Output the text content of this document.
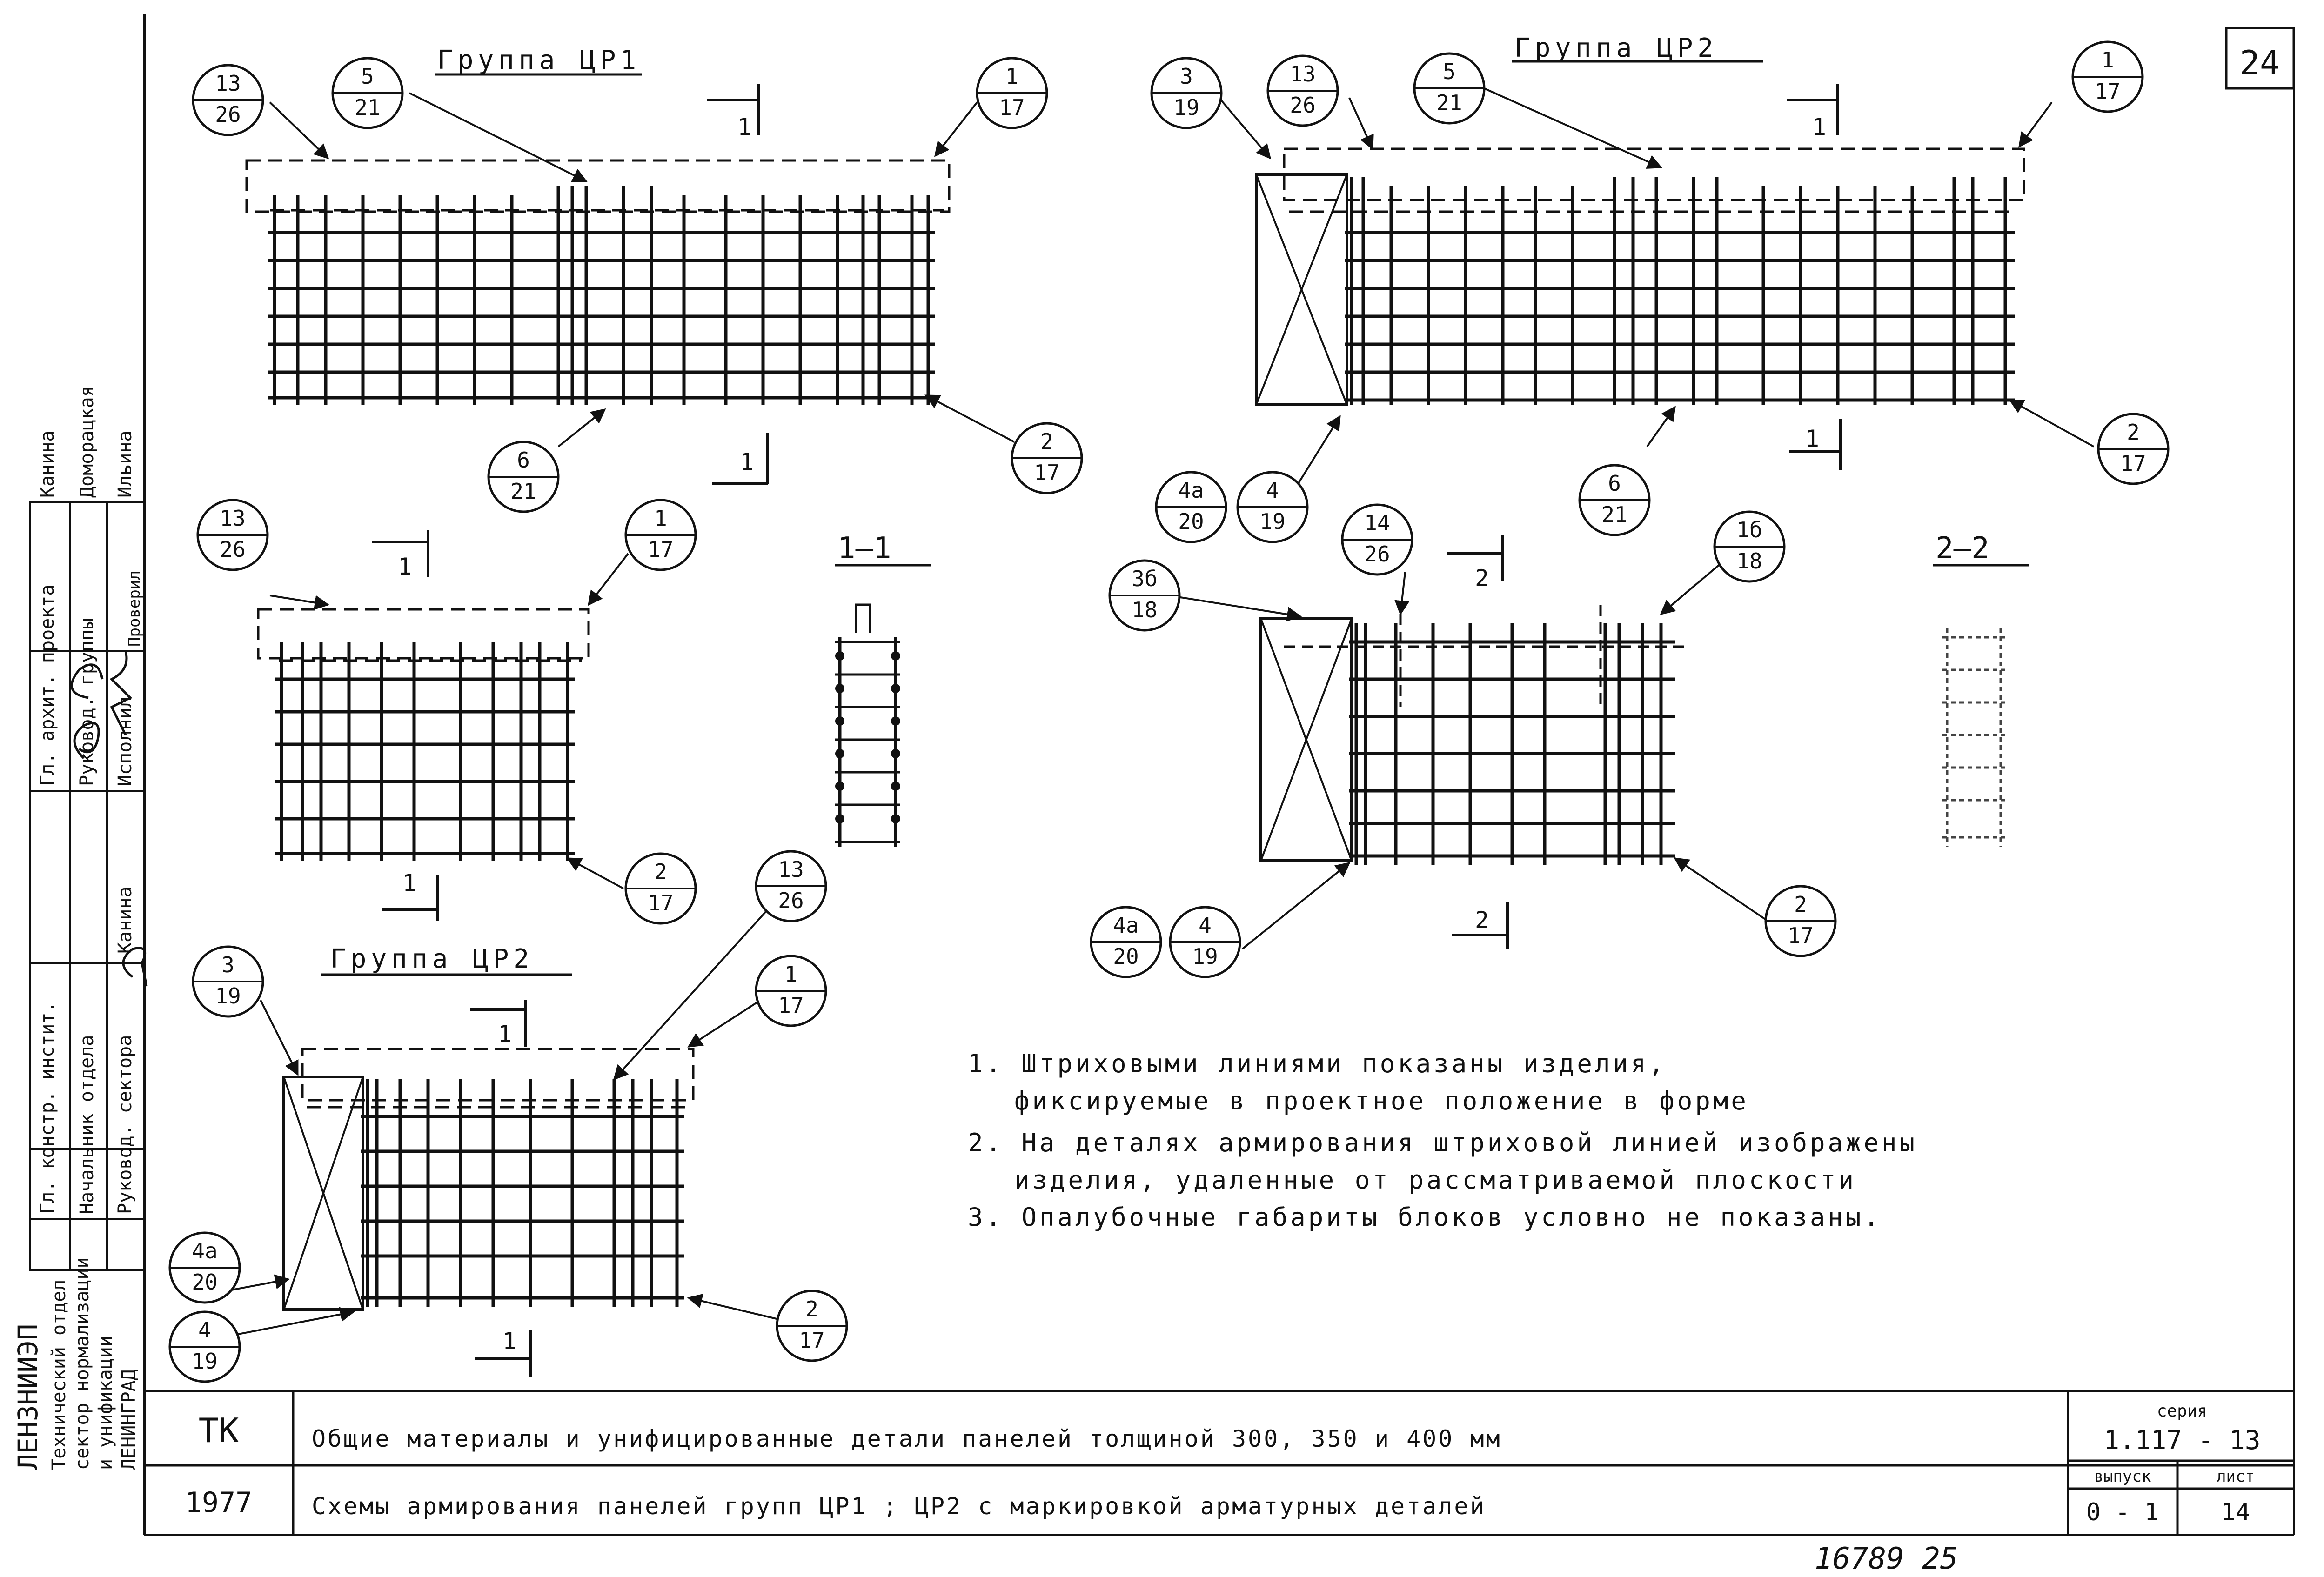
24
Гл. констр. инстит. Начальник отдела Руковод. сектора
Гл. архит. проекта Руковод. группы Исполнил
Проверил
Канина Доморацкая Ильина
Канина
ЛЕНЗНИИЭП Технический отдел сектор нормализации и унификации ЛЕНИНГРАД
Группа ЦР1
1
1
Группа ЦР2
1
1
1
1
1—1
2
2
2—2
Группа ЦР2
1
1
13
26
5
21
1
17
6
21
2
17
3
19
13
26
5
21
1
17
4а
20
4
19
6
21
2
17
13
26
1
17
2
17
3б
18
14
26
1б
18
4а
20
4
19
2
17
3
19
13
26
1
17
4а
20
4
19
2
17
ТК
1977
Общие материалы и унифицированные детали панелей толщиной 300, 350 и 400 мм
Схемы армирования панелей групп ЦР1 ; ЦР2 с маркировкой арматурных деталей
серия
1.117 - 13
выпуск	лист
0 - 1	14
16789 25
1. Штриховыми линиями показаны изделия,
фиксируемые в проектное положение в форме
2. На деталях армирования штриховой линией изображены
изделия, удаленные от рассматриваемой плоскости
3. Опалубочные габариты блоков условно не показаны.
